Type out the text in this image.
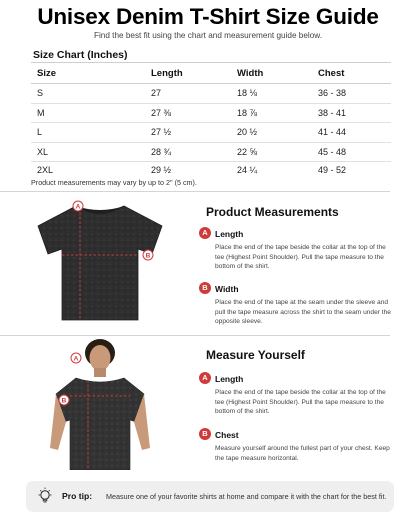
Unisex Denim T-Shirt Size Guide
Find the best fit using the chart and measurement guide below.
Size Chart (Inches)
Size	Length	Width	Chest
S	27	18 ⅛	36 - 38
M	27 ⅜	18 ⅞	38 - 41
L	27 ½	20 ½	41 - 44
XL	28 ¾	22 ⅝	45 - 48
2XL	29 ½	24 ¼	49 - 52
Product measurements may vary by up to 2" (5 cm).
A
B
Product Measurements
A Length
Place the end of the tape beside the collar at the top of the tee (Highest Point Shoulder). Pull the tape measure to the bottom of the shirt.
B Width
Place the end of the tape at the seam under the sleeve and pull the tape measure across the shirt to the seam under the opposite sleeve.
A
B
Measure Yourself
A Length
Place the end of the tape beside the collar at the top of the tee (Highest Point Shoulder). Pull the tape measure to the bottom of the shirt.
B Chest
Measure yourself around the fullest part of your chest. Keep the tape measure horizontal.
Pro tip: Measure one of your favorite shirts at home and compare it with the chart for the best fit.
